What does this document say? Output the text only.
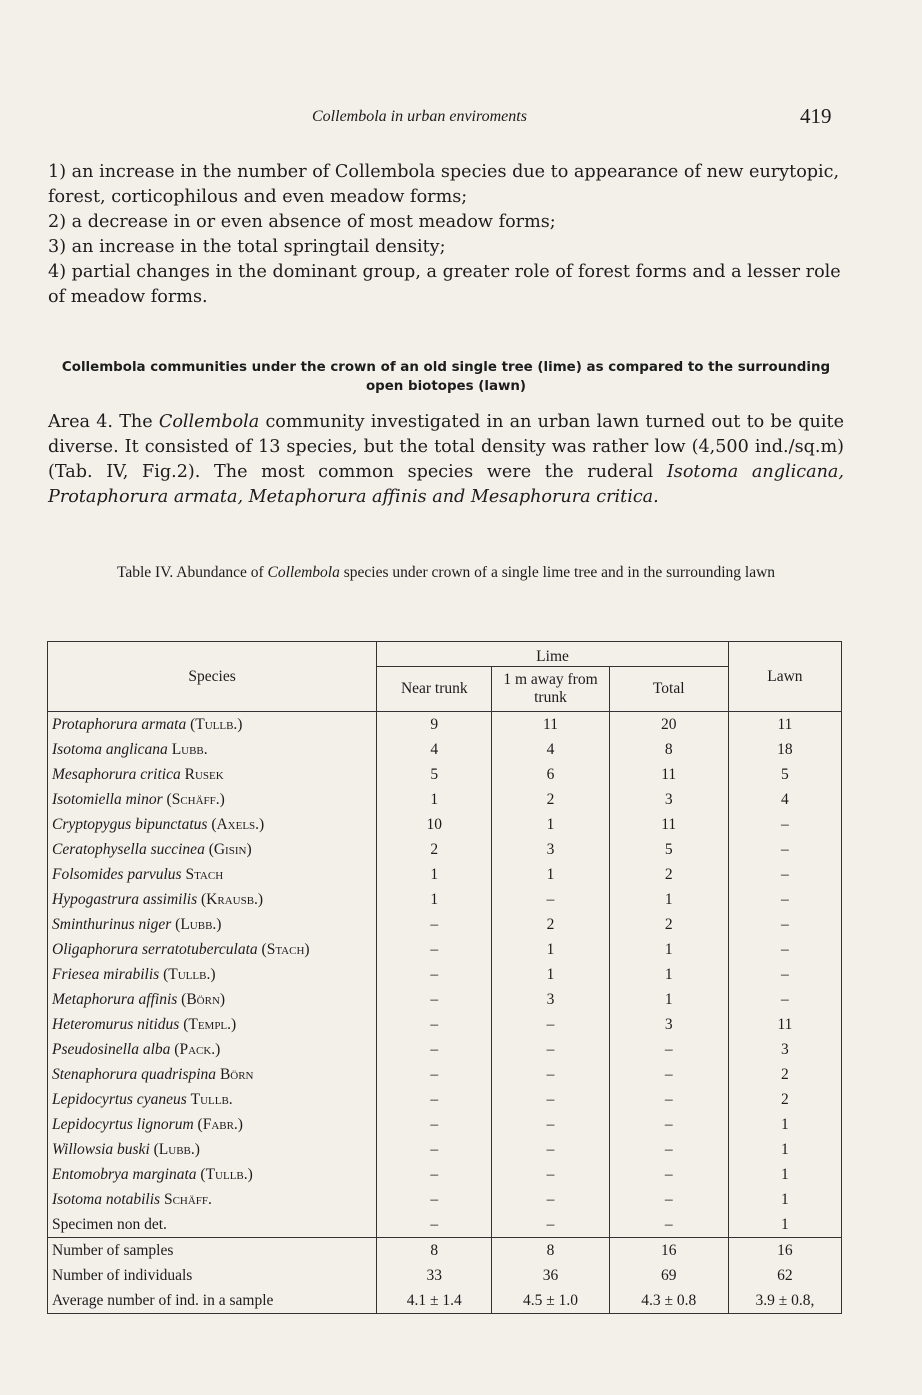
Collembola in urban enviroments	419

1) an increase in the number of Collembola species due to appearance of new eurytopic, forest, corticophilous and even meadow forms;

2) a decrease in or even absence of most meadow forms;

3) an increase in the total springtail density;

4) partial changes in the dominant group, a greater role of forest forms and a lesser role of meadow forms.

Collembola communities under the crown of an old single tree (lime) as compared to the surrounding open biotopes (lawn)

Area 4. The Collembola community investigated in an urban lawn turned out to be quite diverse. It consisted of 13 species, but the total density was rather low (4,500 ind./sq.m) (Tab. IV, Fig.2). The most common species were the ruderal Isotoma anglicana, Protaphorura armata, Metaphorura affinis and Mesaphorura critica.

Table IV. Abundance of Collembola species under crown of a single lime tree and in the surrounding lawn

Species	Lime			Lawn
	Near trunk	1 m away from trunk	Total	
Protaphorura armata (Tullb.)	9	11	20	11
Isotoma anglicana Lubb.	4	4	8	18
Mesaphorura critica Rusek	5	6	11	5
Isotomiella minor (Schäff.)	1	2	3	4
Cryptopygus bipunctatus (Axels.)	10	1	11	–
Ceratophysella succinea (Gisin)	2	3	5	–
Folsomides parvulus Stach	1	1	2	–
Hypogastrura assimilis (Krausb.)	1	–	1	–
Sminthurinus niger (Lubb.)	–	2	2	–
Oligaphorura serratotuberculata (Stach)	–	1	1	–
Friesea mirabilis (Tullb.)	–	1	1	–
Metaphorura affinis (Börn)	–	3	1	–
Heteromurus nitidus (Templ.)	–	–	3	11
Pseudosinella alba (Pack.)	–	–	–	3
Stenaphorura quadrispina Börn	–	–	–	2
Lepidocyrtus cyaneus Tullb.	–	–	–	2
Lepidocyrtus lignorum (Fabr.)	–	–	–	1
Willowsia buski (Lubb.)	–	–	–	1
Entomobrya marginata (Tullb.)	–	–	–	1
Isotoma notabilis Schäff.	–	–	–	1
Specimen non det.	–	–	–	1
Number of samples	8	8	16	16
Number of individuals	33	36	69	62
Average number of ind. in a sample	4.1 ± 1.4	4.5 ± 1.0	4.3 ± 0.8	3.9 ± 0.8,
